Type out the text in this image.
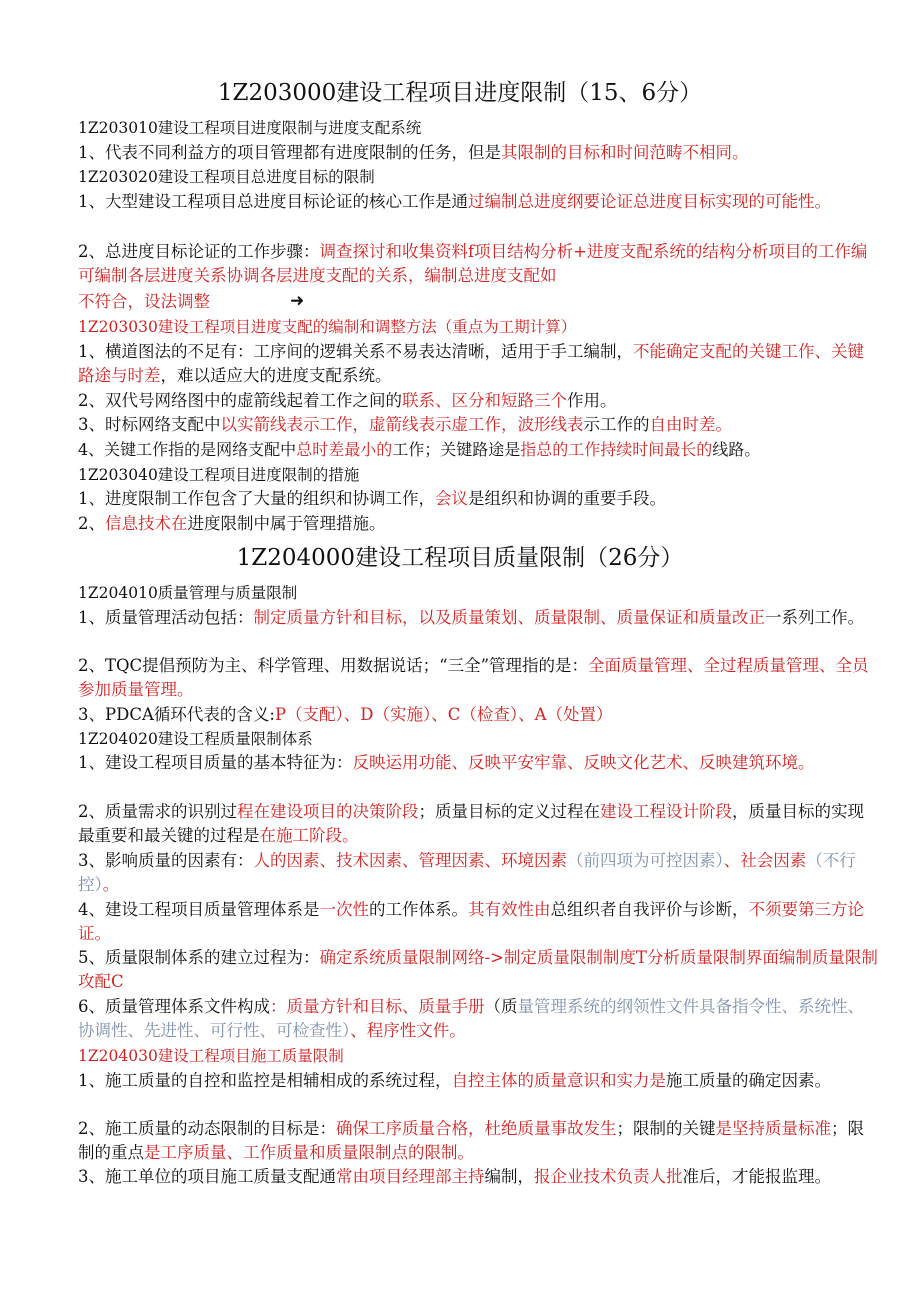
1Z203000建设工程项目进度限制（15、6分）
1Z203010建设工程项目进度限制与进度支配系统
1、代表不同利益方的项目管理都有进度限制的任务，但是其限制的目标和时间范畴不相同。
1Z203020建设工程项目总进度目标的限制
1、大型建设工程项目总进度目标论证的核心工作是通过编制总进度纲要论证总进度目标实现的可能性。
2、总进度目标论证的工作步骤：调查探讨和收集资料f项目结构分析+进度支配系统的结构分析项目的工作编可编制各层进度关系协调各层进度支配的关系，编制总进度支配如
不符合，设法调整	➜
1Z203030建设工程项目进度支配的编制和调整方法（重点为工期计算）
1、横道图法的不足有：工序间的逻辑关系不易表达清晰，适用于手工编制，不能确定支配的关键工作、关键路途与时差，难以适应大的进度支配系统。
2、双代号网络图中的虚箭线起着工作之间的联系、区分和短路三个作用。
3、时标网络支配中以实箭线表示工作，虚箭线表示虚工作，波形线表示工作的自由时差。
4、关键工作指的是网络支配中总时差最小的工作；关键路途是指总的工作持续时间最长的线路。
1Z203040建设工程项目进度限制的措施
1、进度限制工作包含了大量的组织和协调工作，会议是组织和协调的重要手段。
2、信息技术在进度限制中属于管理措施。
1Z204000建设工程项目质量限制（26分）
1Z204010质量管理与质量限制
1、质量管理活动包括：制定质量方针和目标，以及质量策划、质量限制、质量保证和质量改正一系列工作。
2、TQC提倡预防为主、科学管理、用数据说话；“三全”管理指的是：全面质量管理、全过程质量管理、全员参加质量管理。
3、PDCA循环代表的含义:P（支配）、D（实施）、C（检查）、A（处置）
1Z204020建设工程质量限制体系
1、建设工程项目质量的基本特征为：反映运用功能、反映平安牢靠、反映文化艺术、反映建筑环境。
2、质量需求的识别过程在建设项目的决策阶段；质量目标的定义过程在建设工程设计阶段，质量目标的实现最重要和最关键的过程是在施工阶段。
3、影响质量的因素有：人的因素、技术因素、管理因素、环境因素（前四项为可控因素）、社会因素（不行控）。
4、建设工程项目质量管理体系是一次性的工作体系。其有效性由总组织者自我评价与诊断，不须要第三方论证。
5、质量限制体系的建立过程为：确定系统质量限制网络->制定质量限制制度T分析质量限制界面编制质量限制攻配C
6、质量管理体系文件构成：质量方针和目标、质量手册（质量管理系统的纲领性文件具备指令性、系统性、协调性、先进性、可行性、可检查性）、程序性文件。
1Z204030建设工程项目施工质量限制
1、施工质量的自控和监控是相辅相成的系统过程，自控主体的质量意识和实力是施工质量的确定因素。
2、施工质量的动态限制的目标是：确保工序质量合格，杜绝质量事故发生；限制的关键是坚持质量标准；限制的重点是工序质量、工作质量和质量限制点的限制。
3、施工单位的项目施工质量支配通常由项目经理部主持编制，报企业技术负责人批准后，才能报监理。
